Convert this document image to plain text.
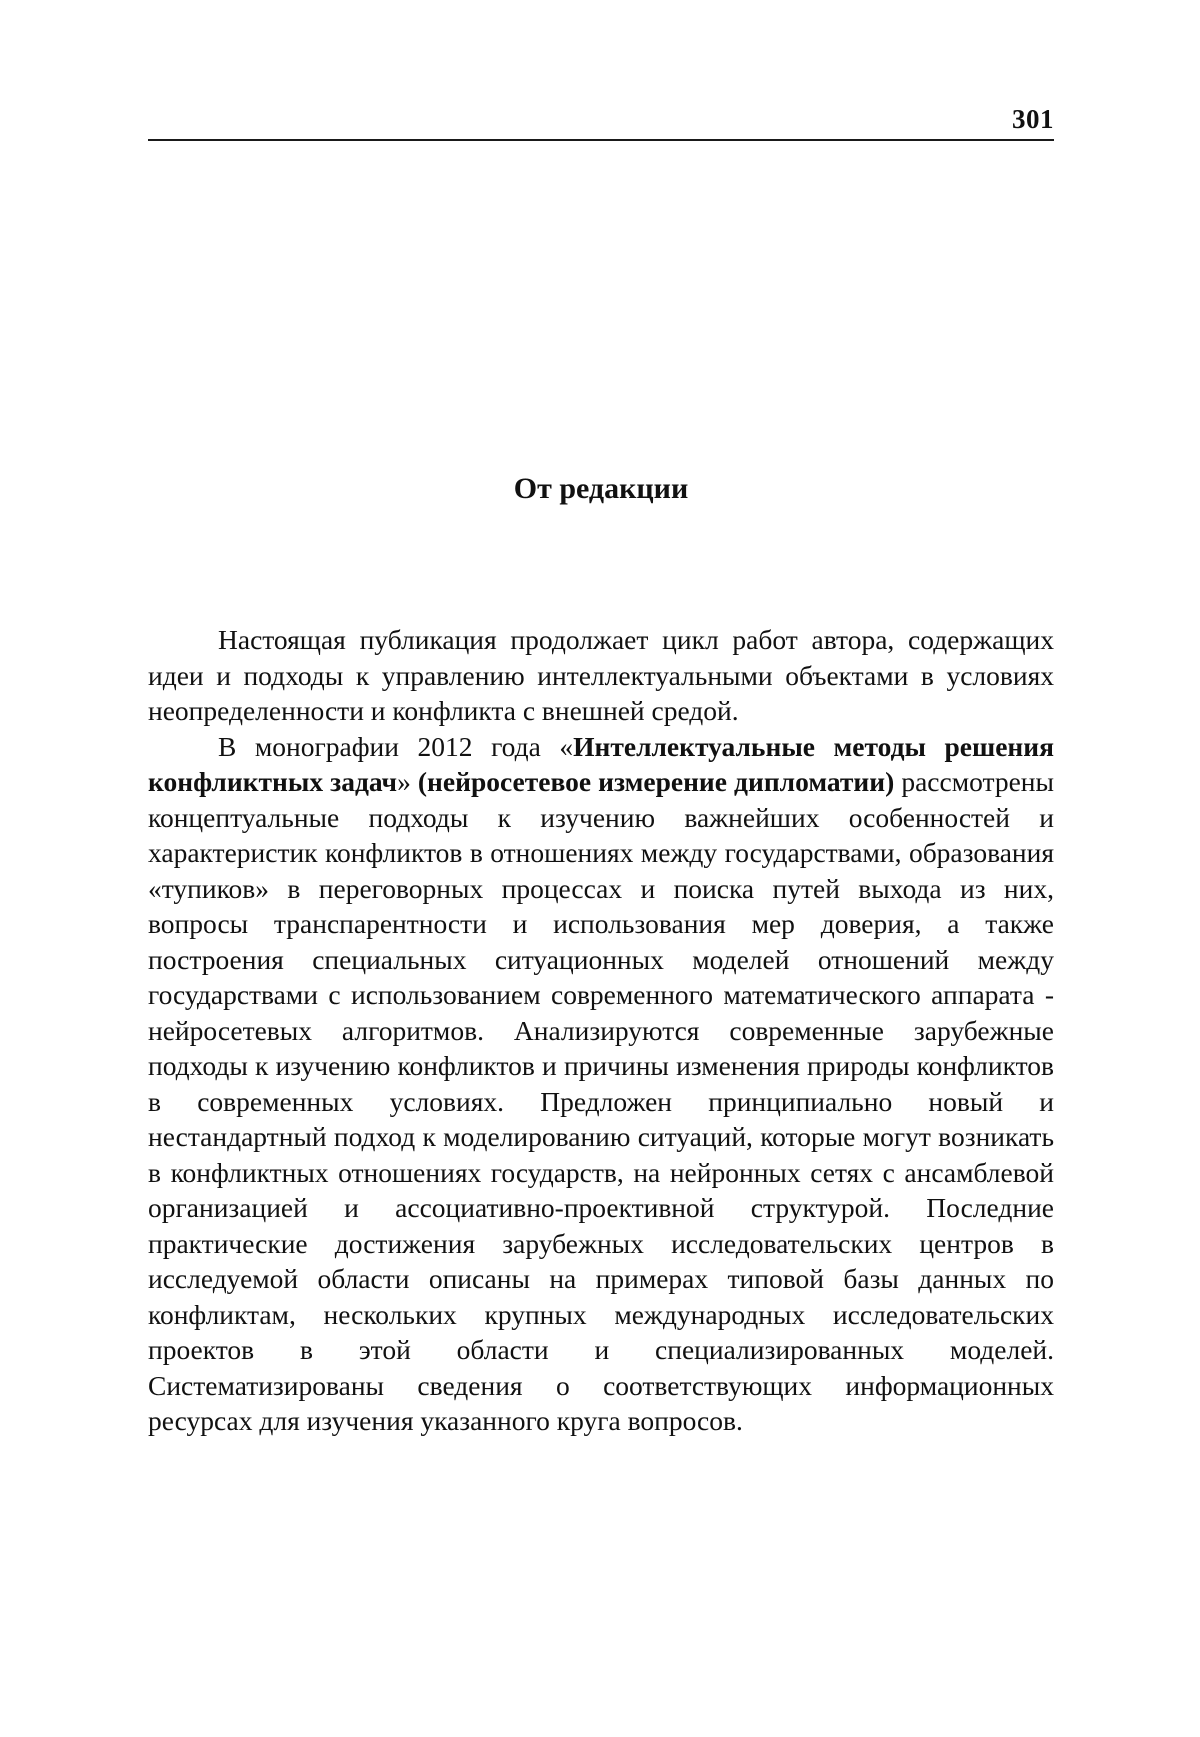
301
От редакции

Настоящая публикация продолжает цикл работ автора, содержащих идеи и подходы к управлению интеллектуальными объектами в условиях неопределенности и конфликта с внешней средой.

В монографии 2012 года «Интеллектуальные методы решения конфликтных задач» (нейросетевое измерение дипломатии) рассмотрены концептуальные подходы к изучению важнейших особенностей и характеристик конфликтов в отношениях между государствами, образования «тупиков» в переговорных процессах и поиска путей выхода из них, вопросы транспарентности и использования мер доверия, а также построения специальных ситуационных моделей отношений между государствами с использованием современного математического аппарата - нейросетевых алгоритмов. Анализируются современные зарубежные подходы к изучению конфликтов и причины изменения природы конфликтов в современных условиях. Предложен принципиально новый и нестандартный подход к моделированию ситуаций, которые могут возникать в конфликтных отношениях государств, на нейронных сетях с ансамблевой организацией и ассоциативно-проективной структурой. Последние практические достижения зарубежных исследовательских центров в исследуемой области описаны на примерах типовой базы данных по конфликтам, нескольких крупных международных исследовательских проектов в этой области и специализированных моделей. Систематизированы сведения о соответствующих информационных ресурсах для изучения указанного круга вопросов.
